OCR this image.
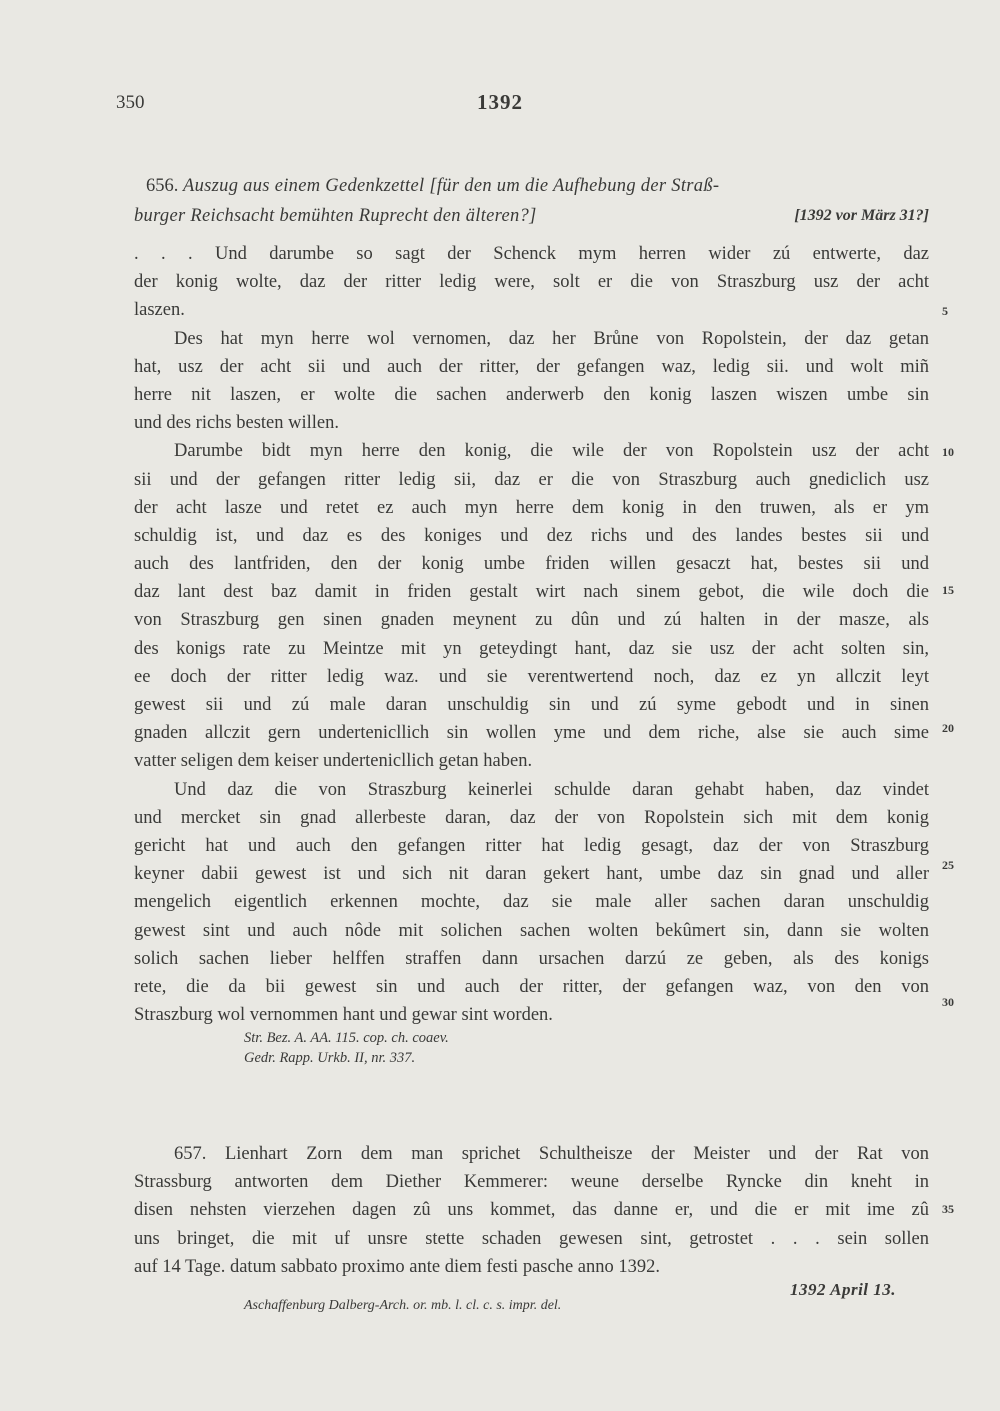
350	1392
656. Auszug aus einem Gedenkzettel [für den um die Aufhebung der Straß-
burger Reichsacht bemühten Ruprecht den älteren?]	[1392 vor März 31?]
. . . Und darumbe so sagt der Schenck mym herren wider zú entwerte, daz
der konig wolte, daz der ritter ledig were, solt er die von Straszburg usz der acht
laszen.
Des hat myn herre wol vernomen, daz her Brůne von Ropolstein, der daz getan
hat, usz der acht sii und auch der ritter, der gefangen waz, ledig sii. und wolt miñ
herre nit laszen, er wolte die sachen anderwerb den konig laszen wiszen umbe sin
und des richs besten willen.
Darumbe bidt myn herre den konig, die wile der von Ropolstein usz der acht
sii und der gefangen ritter ledig sii, daz er die von Straszburg auch gnediclich usz
der acht lasze und retet ez auch myn herre dem konig in den truwen, als er ym
schuldig ist, und daz es des koniges und dez richs und des landes bestes sii und
auch des lantfriden, den der konig umbe friden willen gesaczt hat, bestes sii und
daz lant dest baz damit in friden gestalt wirt nach sinem gebot, die wile doch die
von Straszburg gen sinen gnaden meynent zu dûn und zú halten in der masze, als
des konigs rate zu Meintze mit yn geteydingt hant, daz sie usz der acht solten sin,
ee doch der ritter ledig waz. und sie verentwertend noch, daz ez yn allczit leyt
gewest sii und zú male daran unschuldig sin und zú syme gebodt und in sinen
gnaden allczit gern undertenicllich sin wollen yme und dem riche, alse sie auch sime
vatter seligen dem keiser undertenicllich getan haben.
Und daz die von Straszburg keinerlei schulde daran gehabt haben, daz vindet
und mercket sin gnad allerbeste daran, daz der von Ropolstein sich mit dem konig
gericht hat und auch den gefangen ritter hat ledig gesagt, daz der von Straszburg
keyner dabii gewest ist und sich nit daran gekert hant, umbe daz sin gnad und aller
mengelich eigentlich erkennen mochte, daz sie male aller sachen daran unschuldig
gewest sint und auch nôde mit solichen sachen wolten bekûmert sin, dann sie wolten
solich sachen lieber helffen straffen dann ursachen darzú ze geben, als des konigs
rete, die da bii gewest sin und auch der ritter, der gefangen waz, von den von
Straszburg wol vernommen hant und gewar sint worden.
Str. Bez. A. AA. 115. cop. ch. coaev.
Gedr. Rapp. Urkb. II, nr. 337.
657. Lienhart Zorn dem man sprichet Schultheisze der Meister und der Rat von
Strassburg antworten dem Diether Kemmerer: weune derselbe Ryncke din kneht in
disen nehsten vierzehen dagen zû uns kommet, das danne er, und die er mit ime zû
uns bringet, die mit uf unsre stette schaden gewesen sint, getrostet . . . sein sollen
auf 14 Tage. datum sabbato proximo ante diem festi pasche anno 1392.
1392 April 13.
Aschaffenburg Dalberg-Arch. or. mb. l. cl. c. s. impr. del.
5
10
15
20
25
30
35
